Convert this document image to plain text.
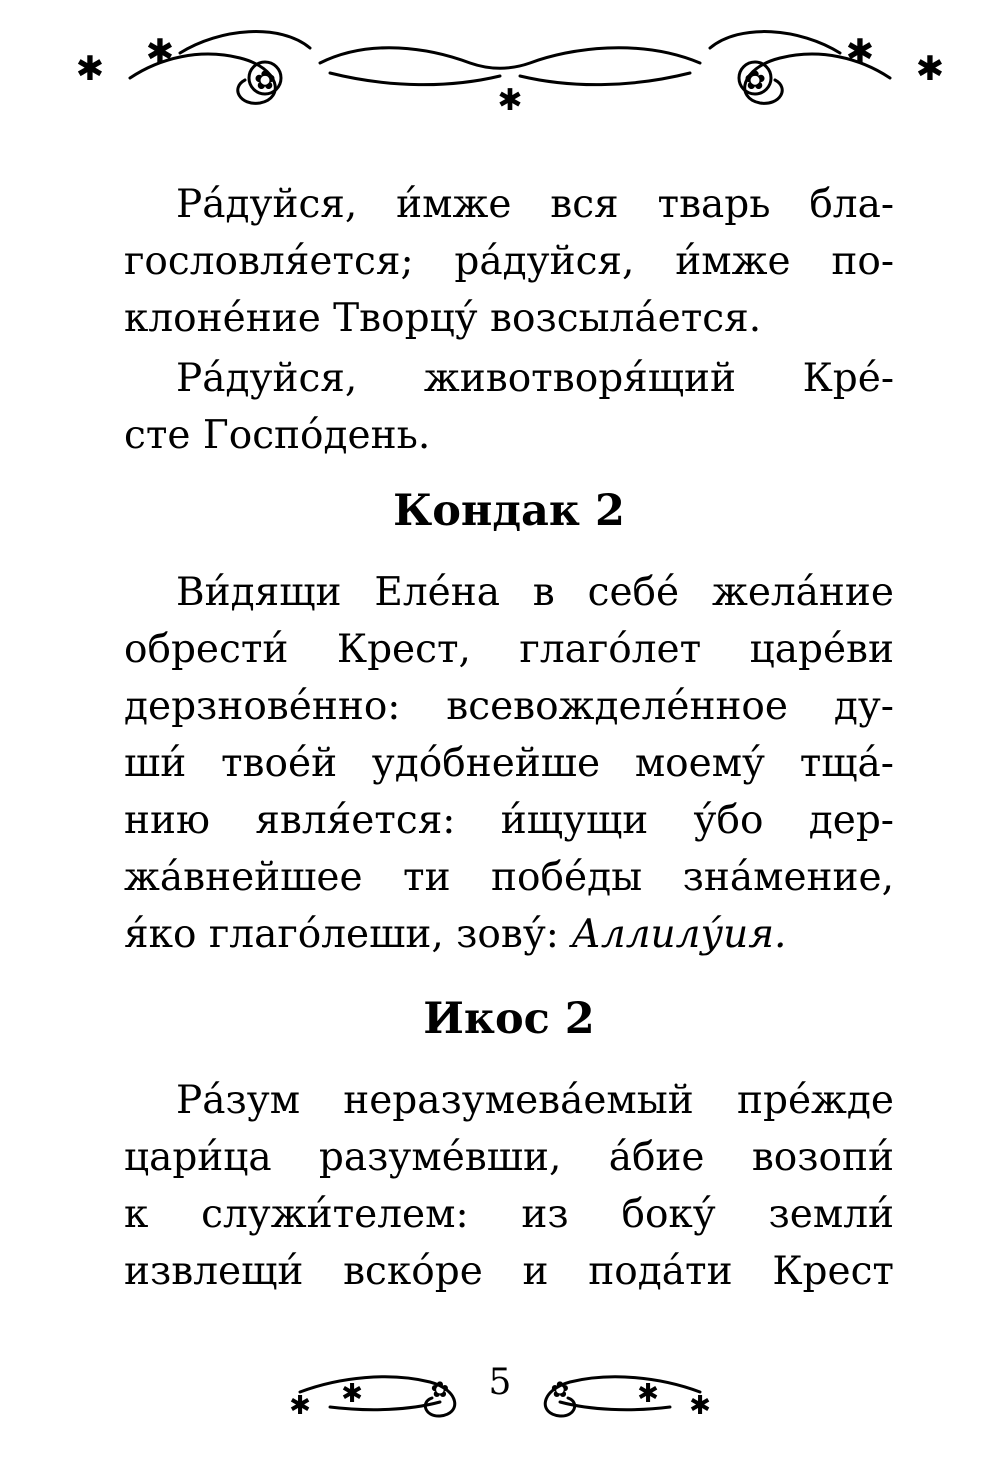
✱ ✱
✿
✱
✿
✱ ✱

Ра́дуйся, и́мже вся тварь бла-
гословля́ется; ра́дуйся, и́мже по-
клоне́ние Творцу́ возсыла́ется.

Ра́дуйся, животворя́щий Кре́-
сте Госпо́день.

Кондак 2

Ви́дящи Еле́на в себе́ жела́ние
обрести́ Крест, глаго́лет царе́ви
дерзнове́нно: всевожделе́нное ду-
ши́ твое́й удо́бнейше моему́ тща́-
нию явля́ется: и́щущи у́бо дер-
жа́внейшее ти побе́ды зна́мение,
я́ко глаго́леши, зову́: Аллилу́ия.

Икос 2

Ра́зум неразумева́емый пре́жде
цари́ца разуме́вши, а́бие возопи́
к служи́телем: из боку́ земли́
извлещи́ вско́ре и пода́ти Крест

✱ ✱	✿	✿	✱ ✱
5
